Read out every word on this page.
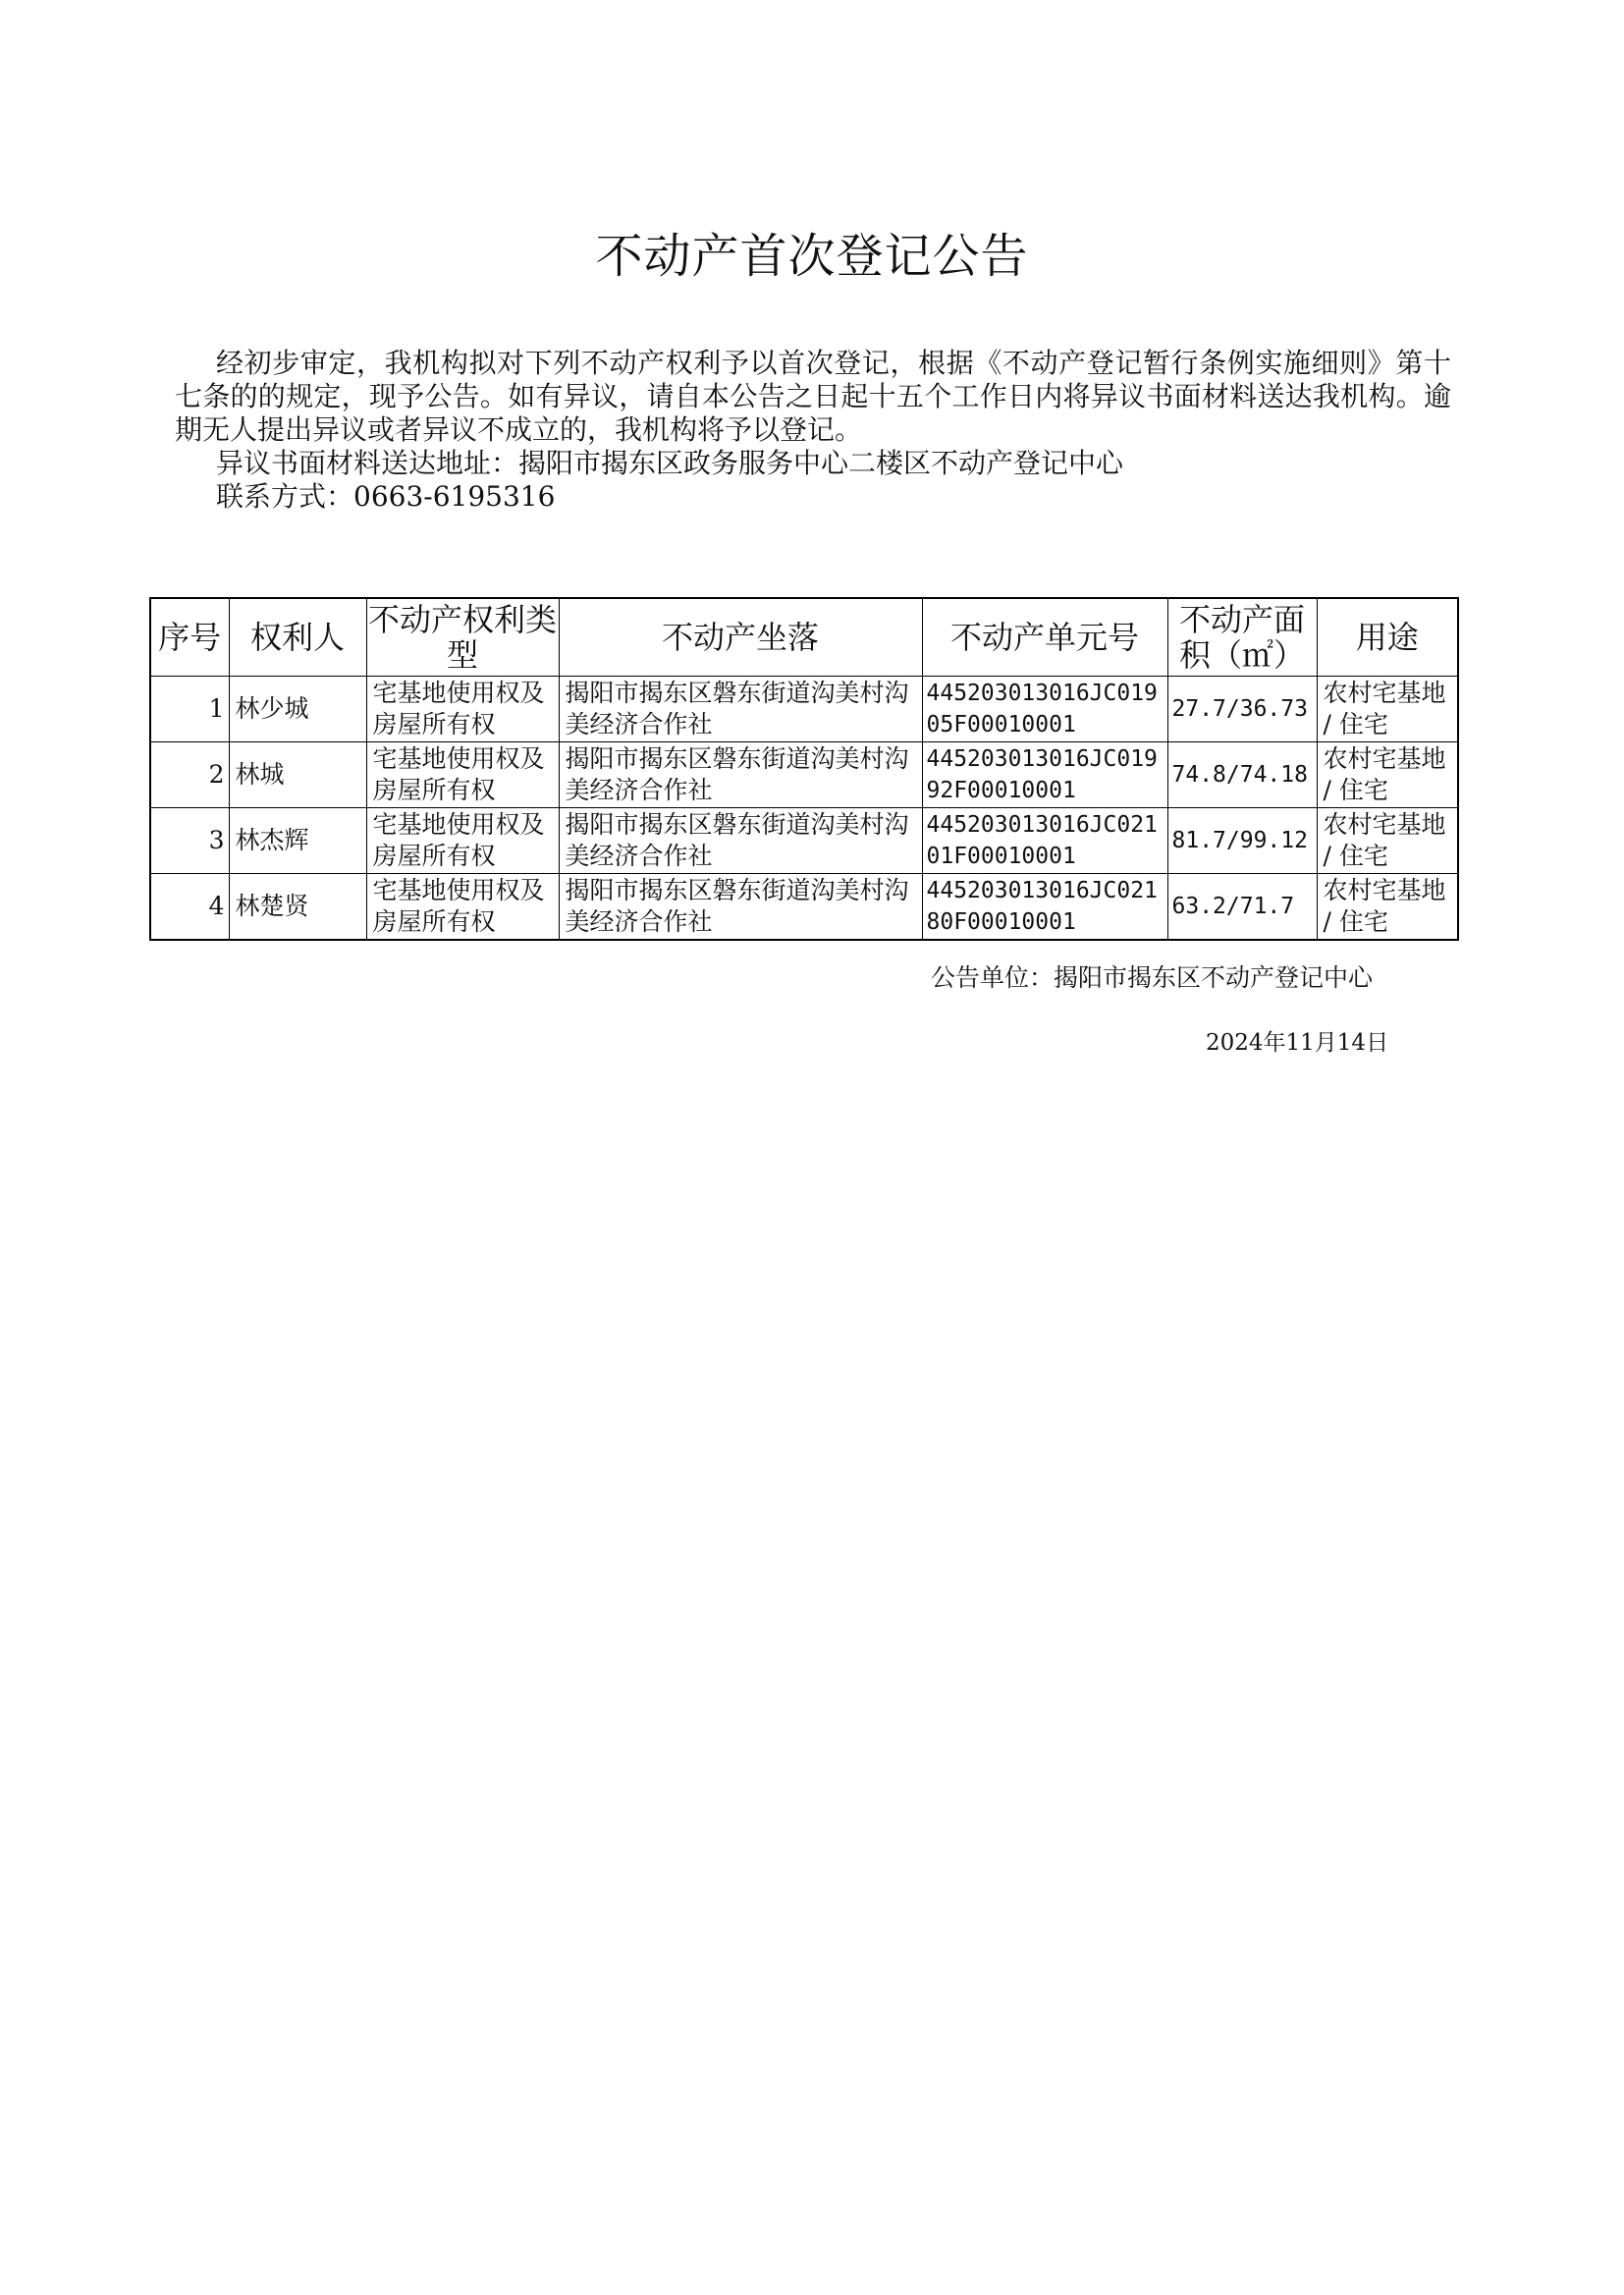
不动产首次登记公告

经初步审定，我机构拟对下列不动产权利予以首次登记，根据《不动产登记暂行条例实施细则》第十七条的的规定，现予公告。如有异议，请自本公告之日起十五个工作日内将异议书面材料送达我机构。逾期无人提出异议或者异议不成立的，我机构将予以登记。

异议书面材料送达地址：揭阳市揭东区政务服务中心二楼区不动产登记中心

联系方式：0663-6195316

序号	权利人	不动产权利类型	不动产坐落	不动产单元号	不动产面积（㎡）	用途
1	林少城	宅基地使用权及房屋所有权	揭阳市揭东区磐东街道沟美村沟美经济合作社	445203013016JC01905F00010001	27.7/36.73	农村宅基地 / 住宅
2	林城	宅基地使用权及房屋所有权	揭阳市揭东区磐东街道沟美村沟美经济合作社	445203013016JC01992F00010001	74.8/74.18	农村宅基地 / 住宅
3	林杰辉	宅基地使用权及房屋所有权	揭阳市揭东区磐东街道沟美村沟美经济合作社	445203013016JC02101F00010001	81.7/99.12	农村宅基地 / 住宅
4	林楚贤	宅基地使用权及房屋所有权	揭阳市揭东区磐东街道沟美村沟美经济合作社	445203013016JC02180F00010001	63.2/71.7	农村宅基地 / 住宅
公告单位：揭阳市揭东区不动产登记中心
2024年11月14日
